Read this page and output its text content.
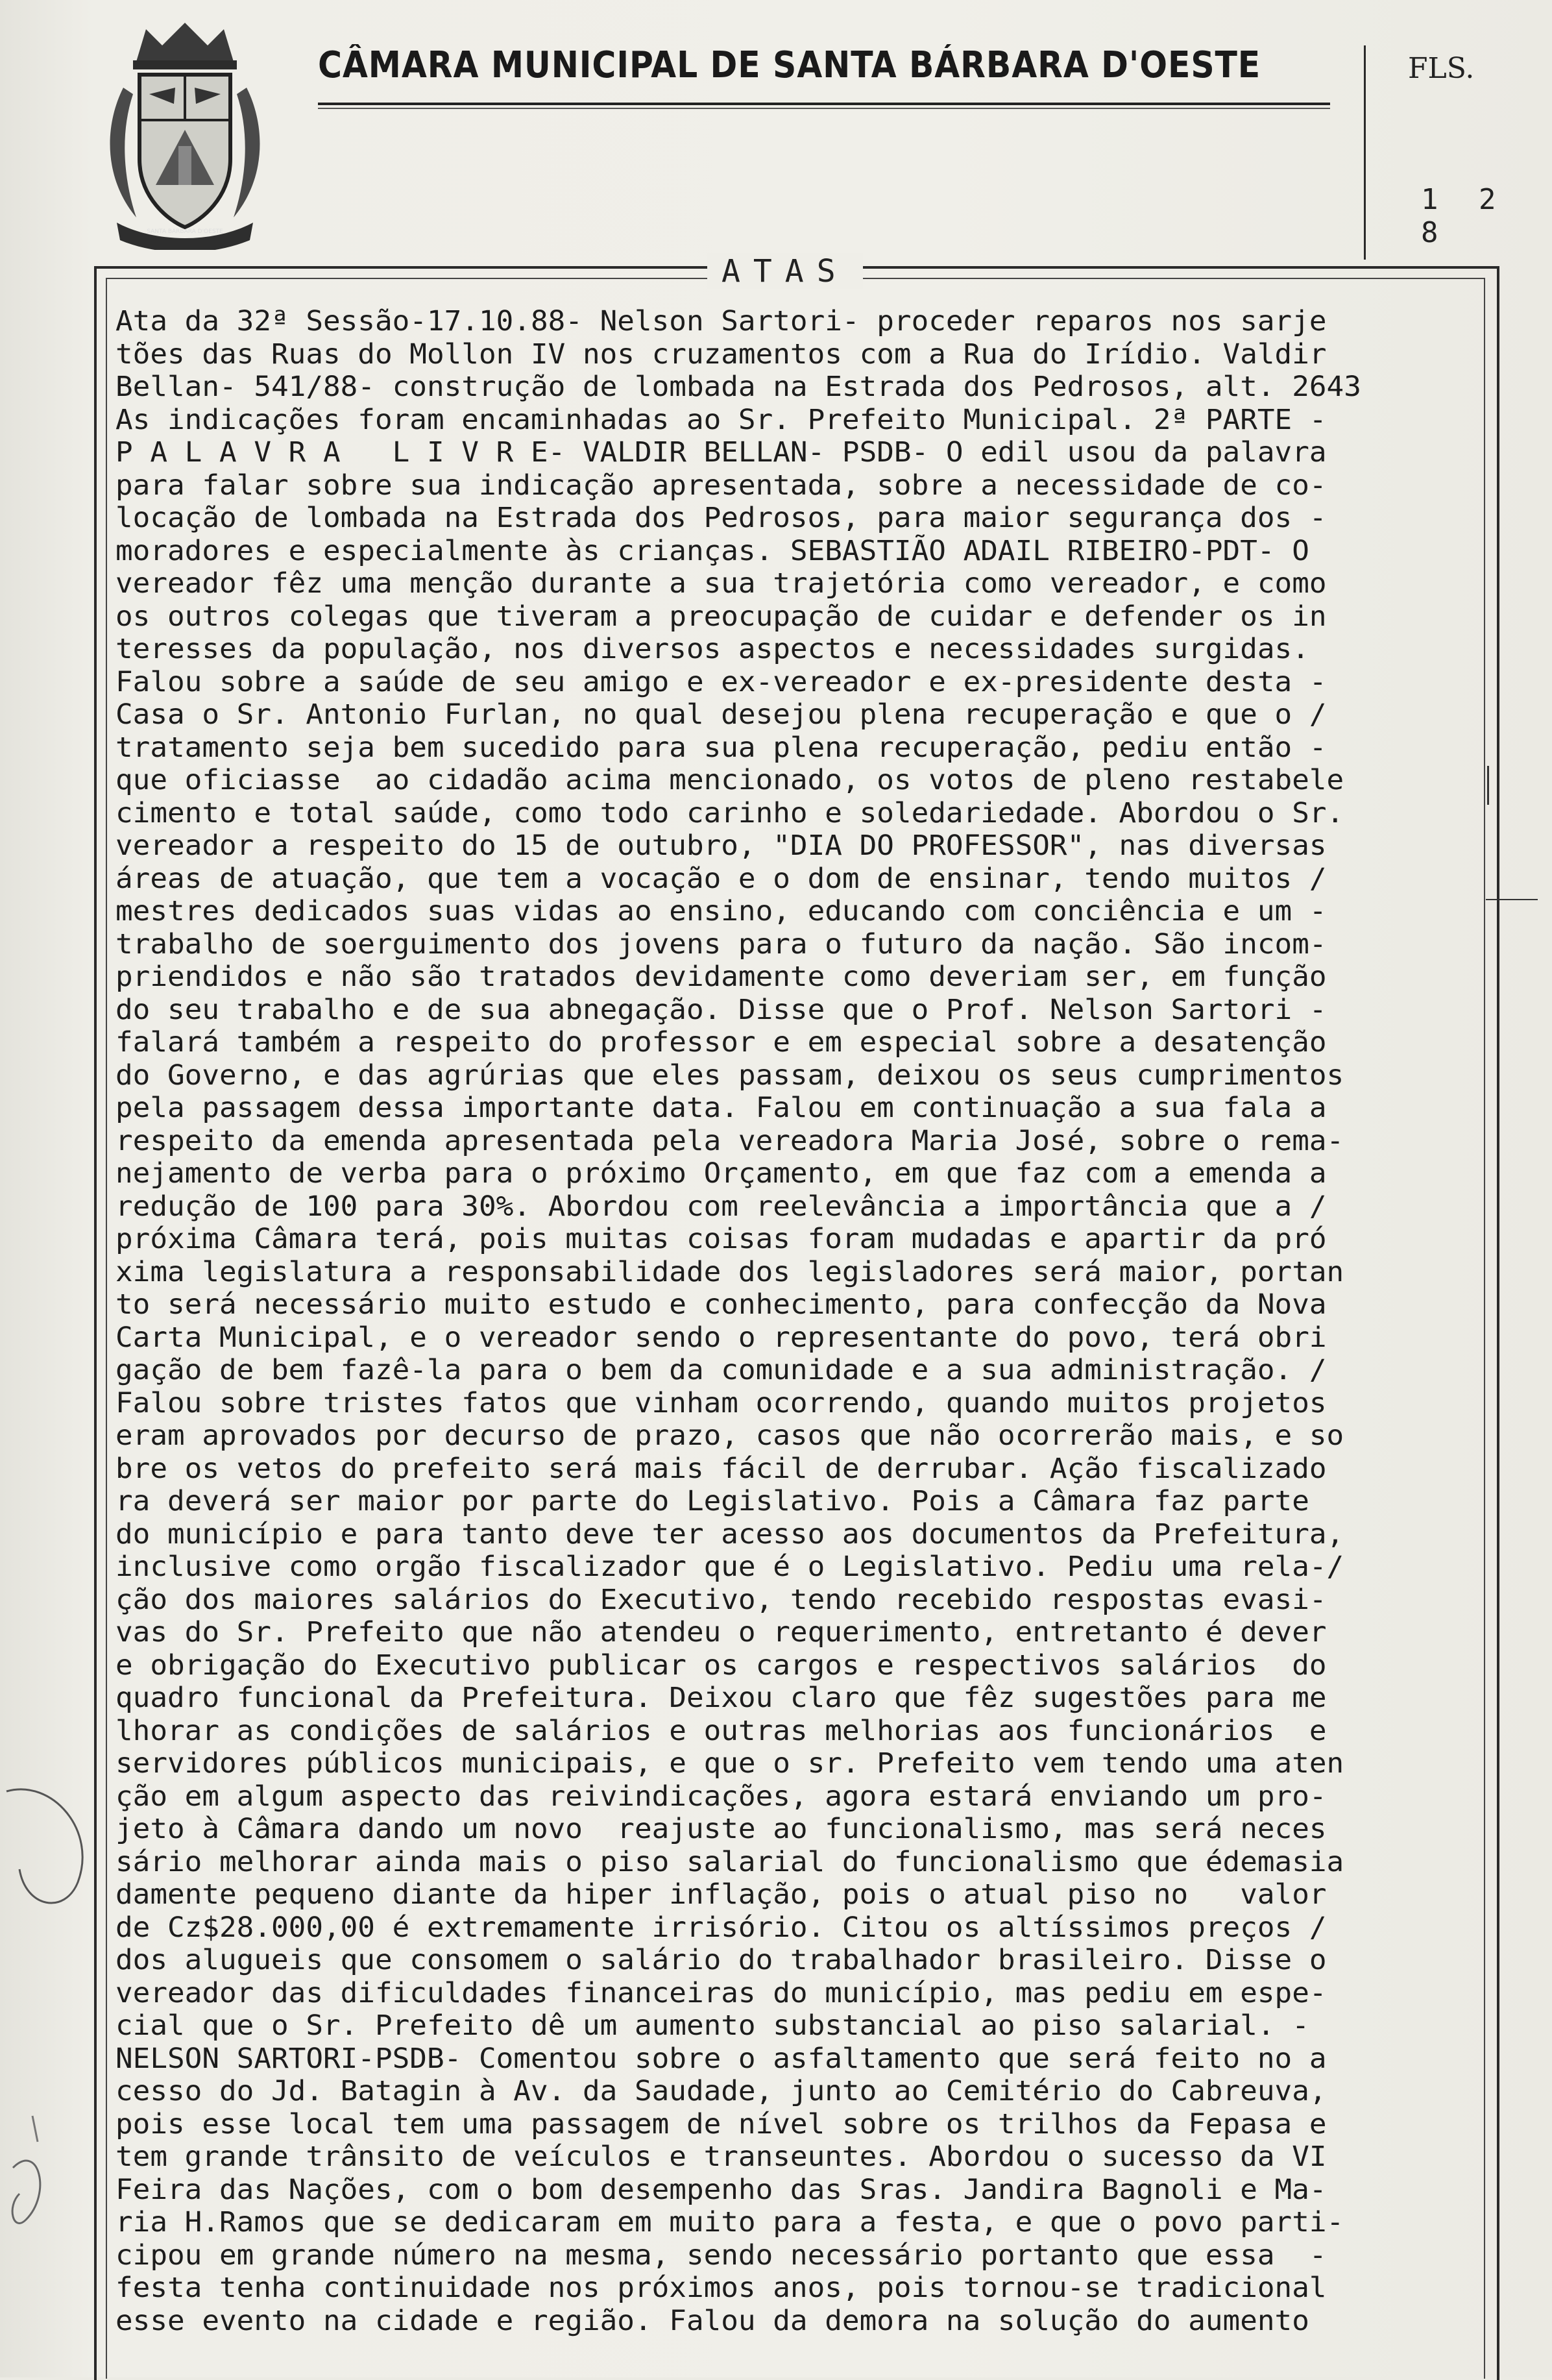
SANTA BÁRBARA D'OESTE
CÂMARA MUNICIPAL DE SANTA BÁRBARA D'OESTE	FLS.
1 2 8
ATAS
Ata da 32ª Sessão-17.10.88- Nelson Sartori- proceder reparos nos sarje
tões das Ruas do Mollon IV nos cruzamentos com a Rua do Irídio. Valdir
Bellan- 541/88- construção de lombada na Estrada dos Pedrosos, alt. 2643
As indicações foram encaminhadas ao Sr. Prefeito Municipal. 2ª PARTE -
P A L A V R A   L I V R E- VALDIR BELLAN- PSDB- O edil usou da palavra
para falar sobre sua indicação apresentada, sobre a necessidade de co-
locação de lombada na Estrada dos Pedrosos, para maior segurança dos -
moradores e especialmente às crianças. SEBASTIÃO ADAIL RIBEIRO-PDT- O
vereador fêz uma menção durante a sua trajetória como vereador, e como
os outros colegas que tiveram a preocupação de cuidar e defender os in
teresses da população, nos diversos aspectos e necessidades surgidas.
Falou sobre a saúde de seu amigo e ex-vereador e ex-presidente desta -
Casa o Sr. Antonio Furlan, no qual desejou plena recuperação e que o /
tratamento seja bem sucedido para sua plena recuperação, pediu então -
que oficiasse  ao cidadão acima mencionado, os votos de pleno restabele
cimento e total saúde, como todo carinho e soledariedade. Abordou o Sr.
vereador a respeito do 15 de outubro, "DIA DO PROFESSOR", nas diversas
áreas de atuação, que tem a vocação e o dom de ensinar, tendo muitos /
mestres dedicados suas vidas ao ensino, educando com conciência e um -
trabalho de soerguimento dos jovens para o futuro da nação. São incom-
priendidos e não são tratados devidamente como deveriam ser, em função
do seu trabalho e de sua abnegação. Disse que o Prof. Nelson Sartori -
falará também a respeito do professor e em especial sobre a desatenção
do Governo, e das agrúrias que eles passam, deixou os seus cumprimentos
pela passagem dessa importante data. Falou em continuação a sua fala a
respeito da emenda apresentada pela vereadora Maria José, sobre o rema-
nejamento de verba para o próximo Orçamento, em que faz com a emenda a
redução de 100 para 30%. Abordou com reelevância a importância que a /
próxima Câmara terá, pois muitas coisas foram mudadas e apartir da pró
xima legislatura a responsabilidade dos legisladores será maior, portan
to será necessário muito estudo e conhecimento, para confecção da Nova
Carta Municipal, e o vereador sendo o representante do povo, terá obri
gação de bem fazê-la para o bem da comunidade e a sua administração. /
Falou sobre tristes fatos que vinham ocorrendo, quando muitos projetos
eram aprovados por decurso de prazo, casos que não ocorrerão mais, e so
bre os vetos do prefeito será mais fácil de derrubar. Ação fiscalizado
ra deverá ser maior por parte do Legislativo. Pois a Câmara faz parte
do município e para tanto deve ter acesso aos documentos da Prefeitura,
inclusive como orgão fiscalizador que é o Legislativo. Pediu uma rela-/
ção dos maiores salários do Executivo, tendo recebido respostas evasi-
vas do Sr. Prefeito que não atendeu o requerimento, entretanto é dever
e obrigação do Executivo publicar os cargos e respectivos salários  do
quadro funcional da Prefeitura. Deixou claro que fêz sugestões para me
lhorar as condições de salários e outras melhorias aos funcionários  e
servidores públicos municipais, e que o sr. Prefeito vem tendo uma aten
ção em algum aspecto das reivindicações, agora estará enviando um pro-
jeto à Câmara dando um novo  reajuste ao funcionalismo, mas será neces
sário melhorar ainda mais o piso salarial do funcionalismo que édemasia
damente pequeno diante da hiper inflação, pois o atual piso no   valor
de Cz$28.000,00 é extremamente irrisório. Citou os altíssimos preços /
dos alugueis que consomem o salário do trabalhador brasileiro. Disse o
vereador das dificuldades financeiras do município, mas pediu em espe-
cial que o Sr. Prefeito dê um aumento substancial ao piso salarial. -
NELSON SARTORI-PSDB- Comentou sobre o asfaltamento que será feito no a
cesso do Jd. Batagin à Av. da Saudade, junto ao Cemitério do Cabreuva,
pois esse local tem uma passagem de nível sobre os trilhos da Fepasa e
tem grande trânsito de veículos e transeuntes. Abordou o sucesso da VI
Feira das Nações, com o bom desempenho das Sras. Jandira Bagnoli e Ma-
ria H.Ramos que se dedicaram em muito para a festa, e que o povo parti-
cipou em grande número na mesma, sendo necessário portanto que essa  -
festa tenha continuidade nos próximos anos, pois tornou-se tradicional
esse evento na cidade e região. Falou da demora na solução do aumento
